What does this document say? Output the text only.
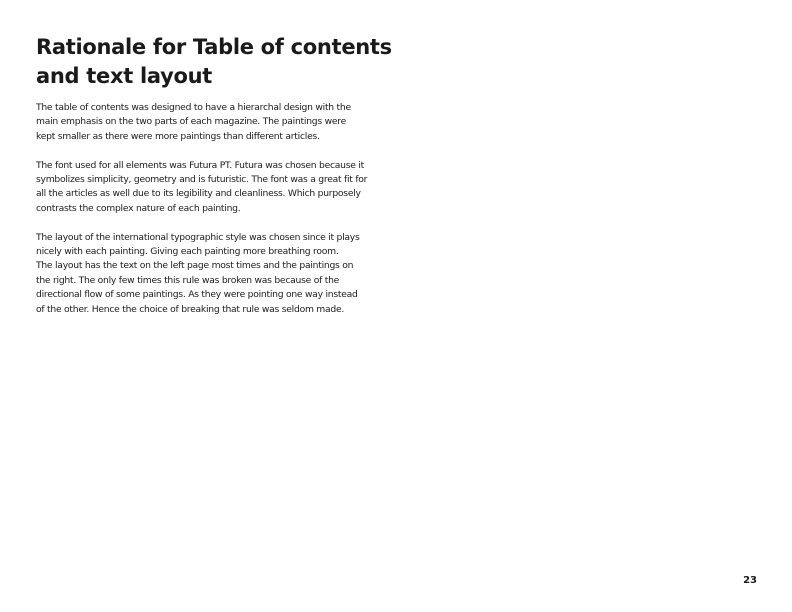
Rationale for Table of contents
and text layout

The table of contents was designed to have a hierarchal design with the
main emphasis on the two parts of each magazine. The paintings were
kept smaller as there were more paintings than different articles.

The font used for all elements was Futura PT. Futura was chosen because it
symbolizes simplicity, geometry and is futuristic. The font was a great fit for
all the articles as well due to its legibility and cleanliness. Which purposely
contrasts the complex nature of each painting.

The layout of the international typographic style was chosen since it plays
nicely with each painting. Giving each painting more breathing room.
The layout has the text on the left page most times and the paintings on
the right. The only few times this rule was broken was because of the
directional flow of some paintings. As they were pointing one way instead
of the other. Hence the choice of breaking that rule was seldom made.

23
